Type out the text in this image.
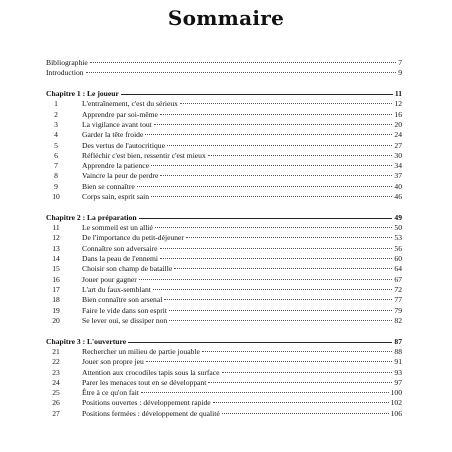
Sommaire
Bibliographie	7
Introduction	9
Chapitre 1 : Le joueur	11
1	L'entraînement, c'est du sérieux	12
2	Apprendre par soi-même	16
3	La vigilance avant tout	20
4	Garder la tête froide	24
5	Des vertus de l'autocritique	27
6	Réfléchir c'est bien, ressentir c'est mieux	30
7	Apprendre la patience	34
8	Vaincre la peur de perdre	37
9	Bien se connaître	40
10	Corps sain, esprit sain	46
Chapitre 2 : La préparation	49
11	Le sommeil est un allié	50
12	De l'importance du petit-déjeuner	53
13	Connaître son adversaire	56
14	Dans la peau de l'ennemi	60
15	Choisir son champ de bataille	64
16	Jouer pour gagner	67
17	L'art du faux-semblant	72
18	Bien connaître son arsenal	77
19	Faire le vide dans son esprit	79
20	Se lever oui, se dissiper non	82
Chapitre 3 : L'ouverture	87
21	Rechercher un milieu de partie jouable	88
22	Jouer son propre jeu	91
23	Attention aux crocodiles tapis sous la surface	93
24	Parer les menaces tout en se développant	97
25	Être à ce qu'on fait	100
26	Positions ouvertes : développement rapide	102
27	Positions fermées : développement de qualité	106
